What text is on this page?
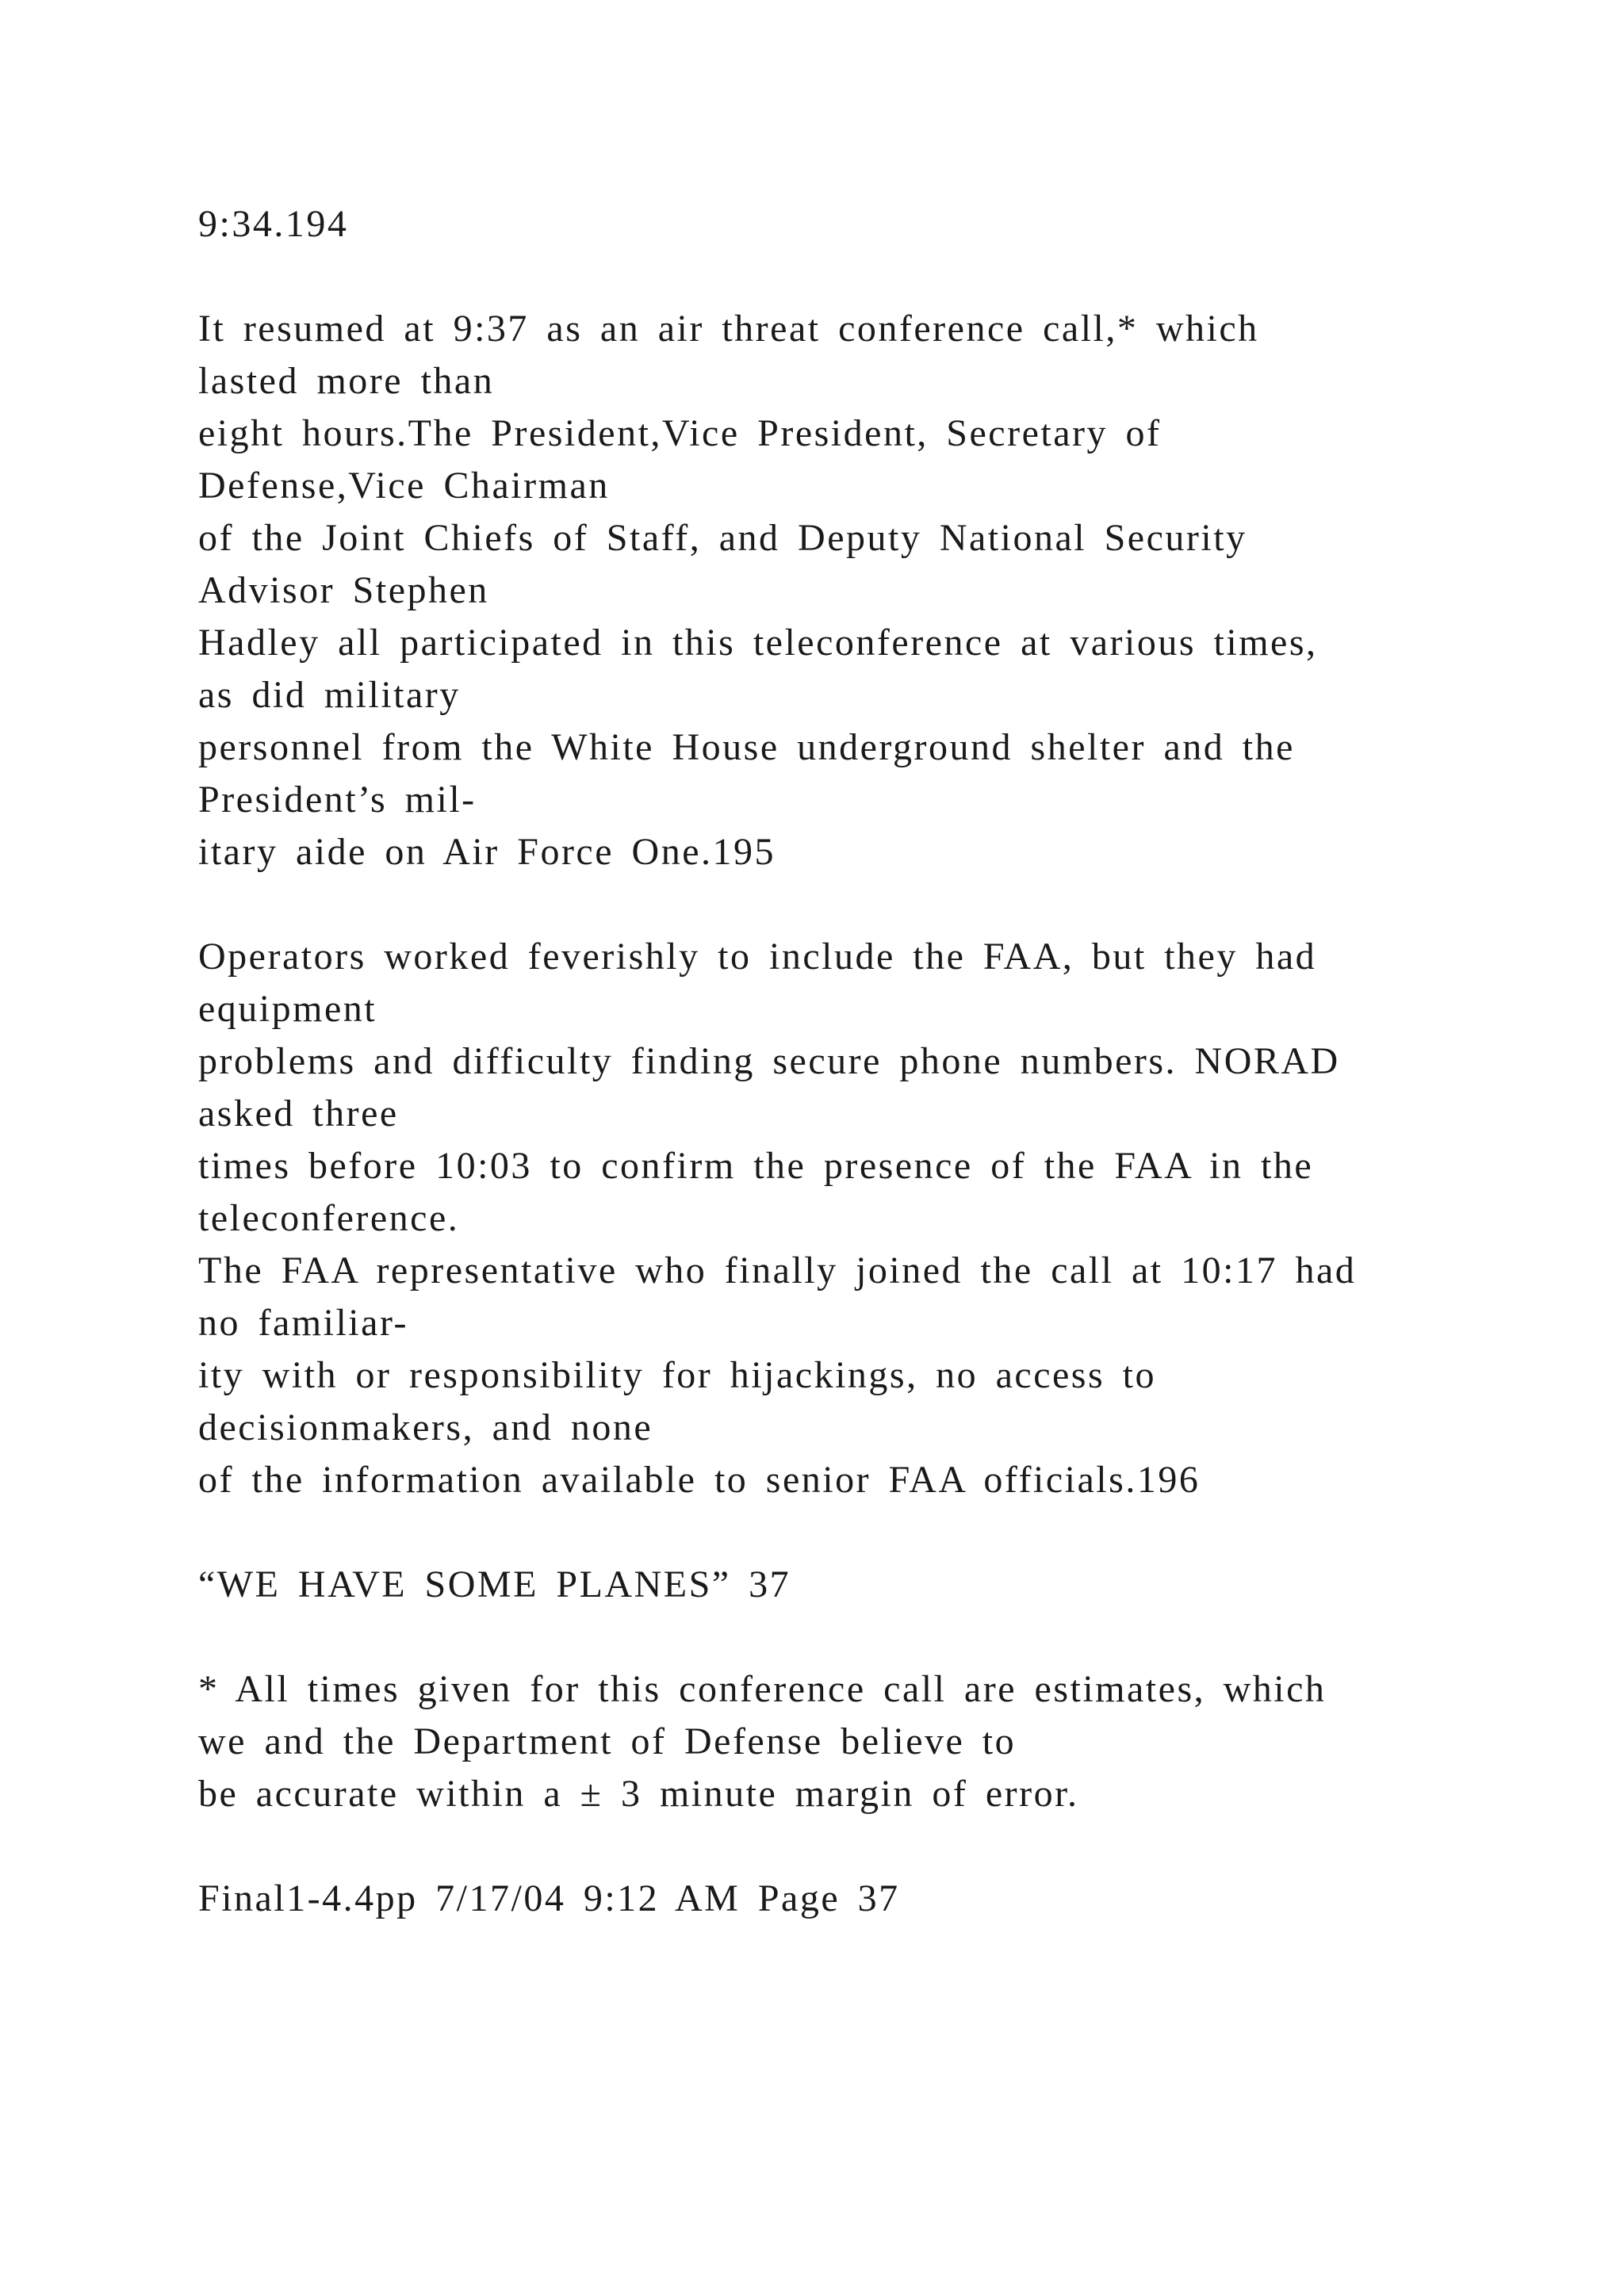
9:34.194
It resumed at 9:37 as an air threat conference call,* which
lasted more than
eight hours.The President,Vice President, Secretary of
Defense,Vice Chairman
of the Joint Chiefs of Staff, and Deputy National Security
Advisor Stephen
Hadley all participated in this teleconference at various times,
as did military
personnel from the White House underground shelter and the
President’s mil-
itary aide on Air Force One.195
Operators worked feverishly to include the FAA, but they had
equipment
problems and difficulty finding secure phone numbers. NORAD
asked three
times before 10:03 to confirm the presence of the FAA in the
teleconference.
The FAA representative who finally joined the call at 10:17 had
no familiar-
ity with or responsibility for hijackings, no access to
decisionmakers, and none
of the information available to senior FAA officials.196
“WE HAVE SOME PLANES” 37
* All times given for this conference call are estimates, which
we and the Department of Defense believe to
be accurate within a ± 3 minute margin of error.
Final1-4.4pp 7/17/04 9:12 AM Page 37
